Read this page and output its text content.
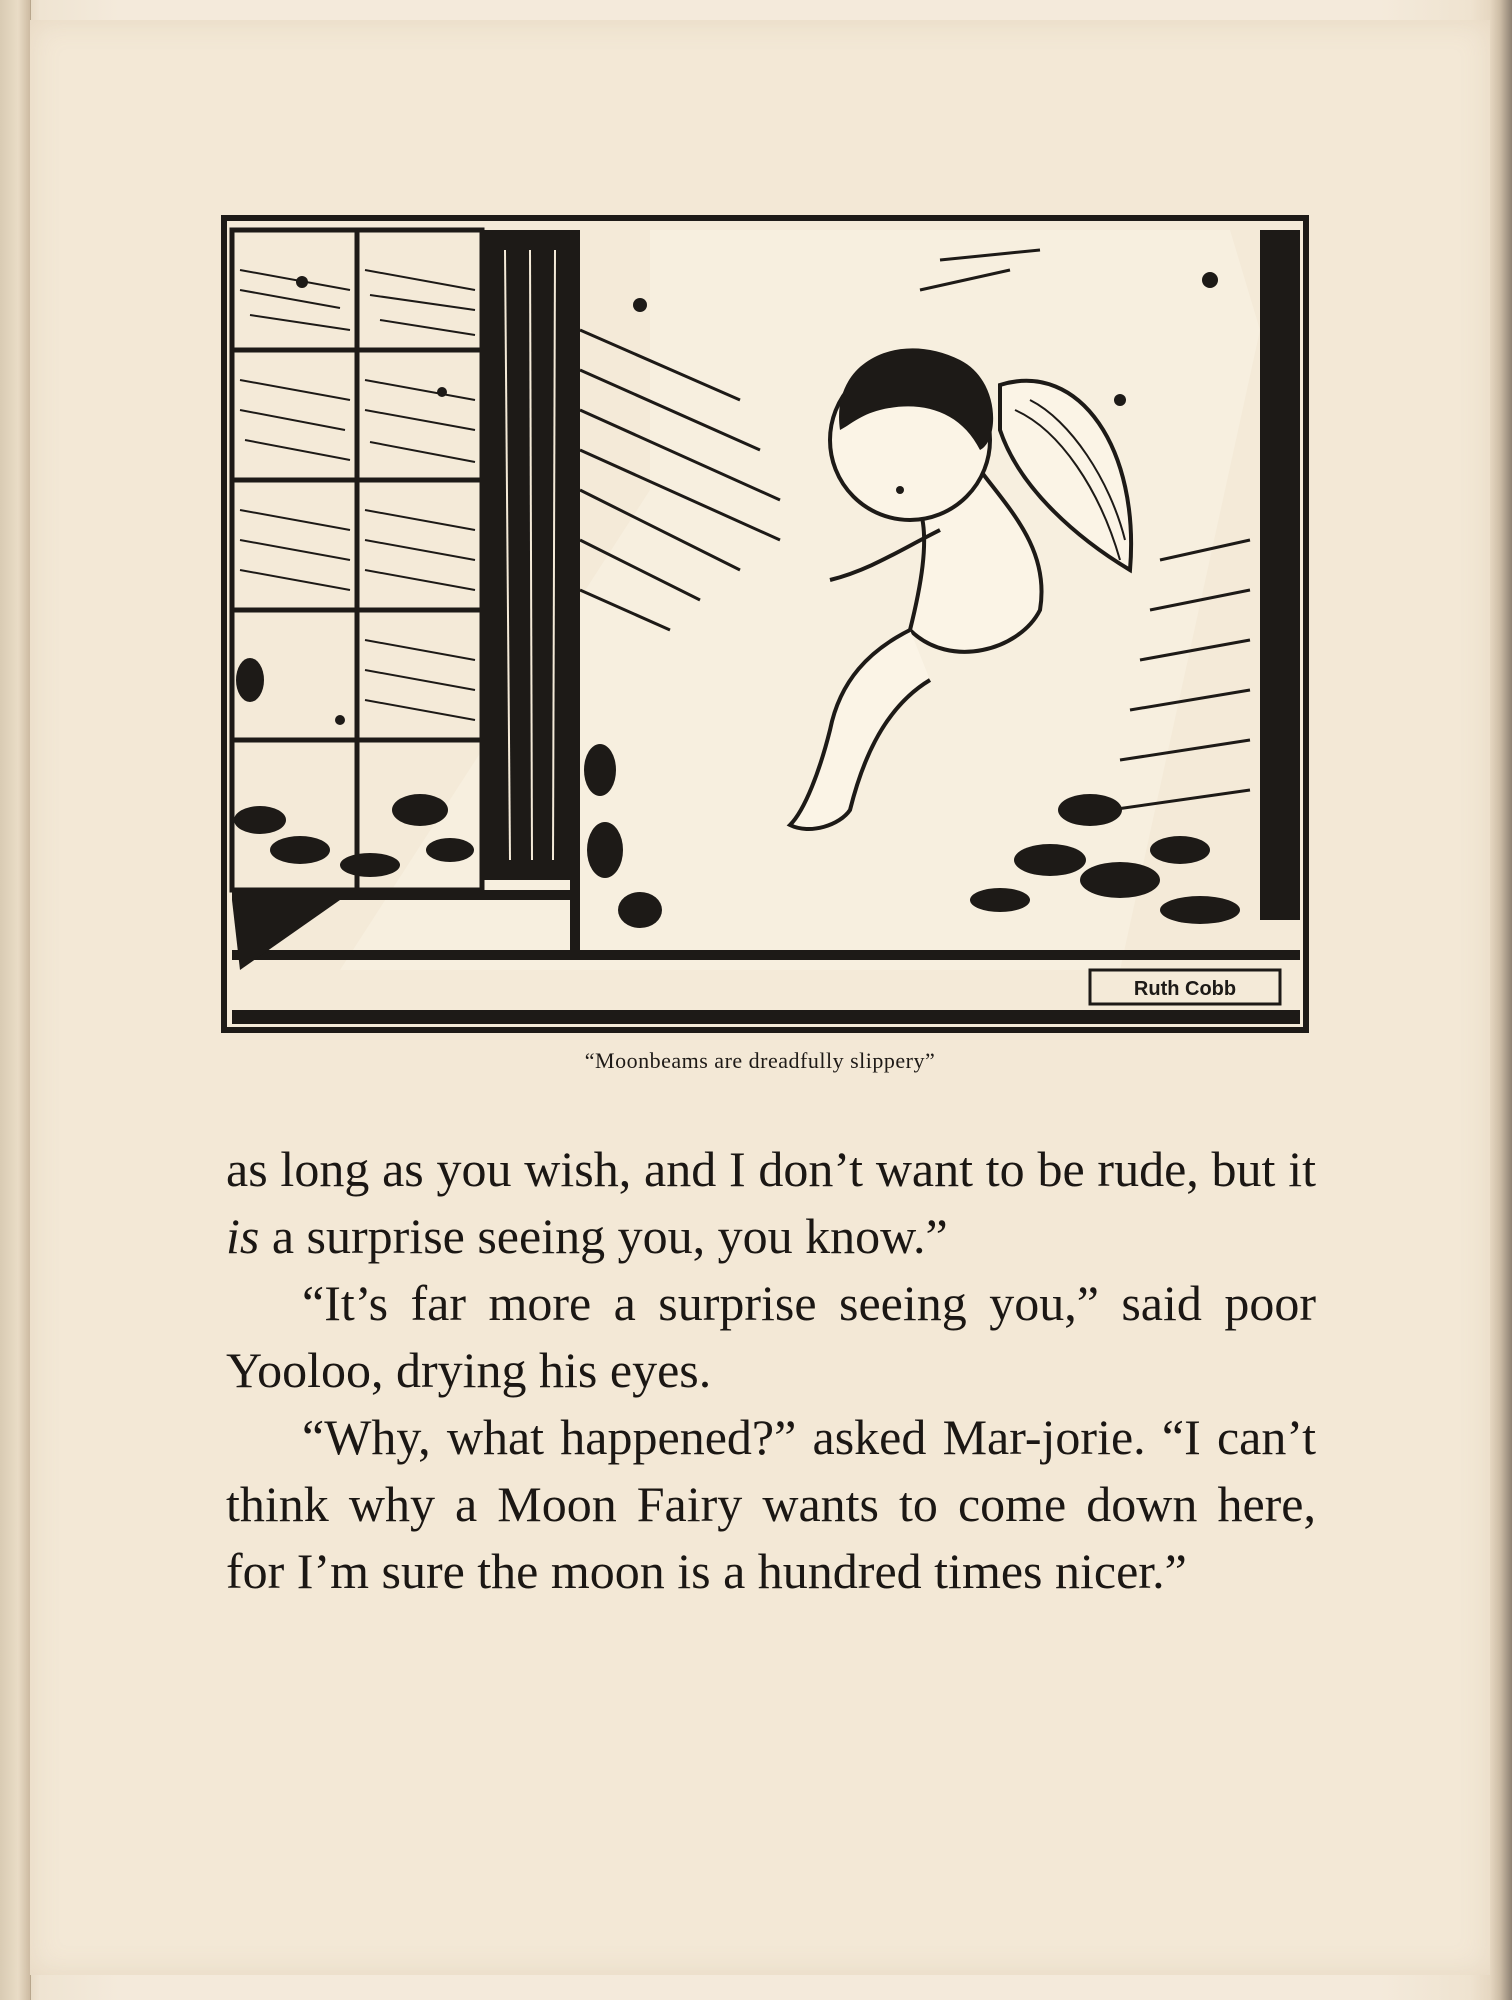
Ruth Cobb
“Moonbeams are dreadfully slippery”

as long as you wish, and I don’t want to be rude, but it is a surprise seeing you, you know.”

“It’s far more a surprise seeing you,” said poor Yooloo, drying his eyes.

“Why, what happened?” asked Mar-jorie. “I can’t think why a Moon Fairy wants to come down here, for I’m sure the moon is a hundred times nicer.”
